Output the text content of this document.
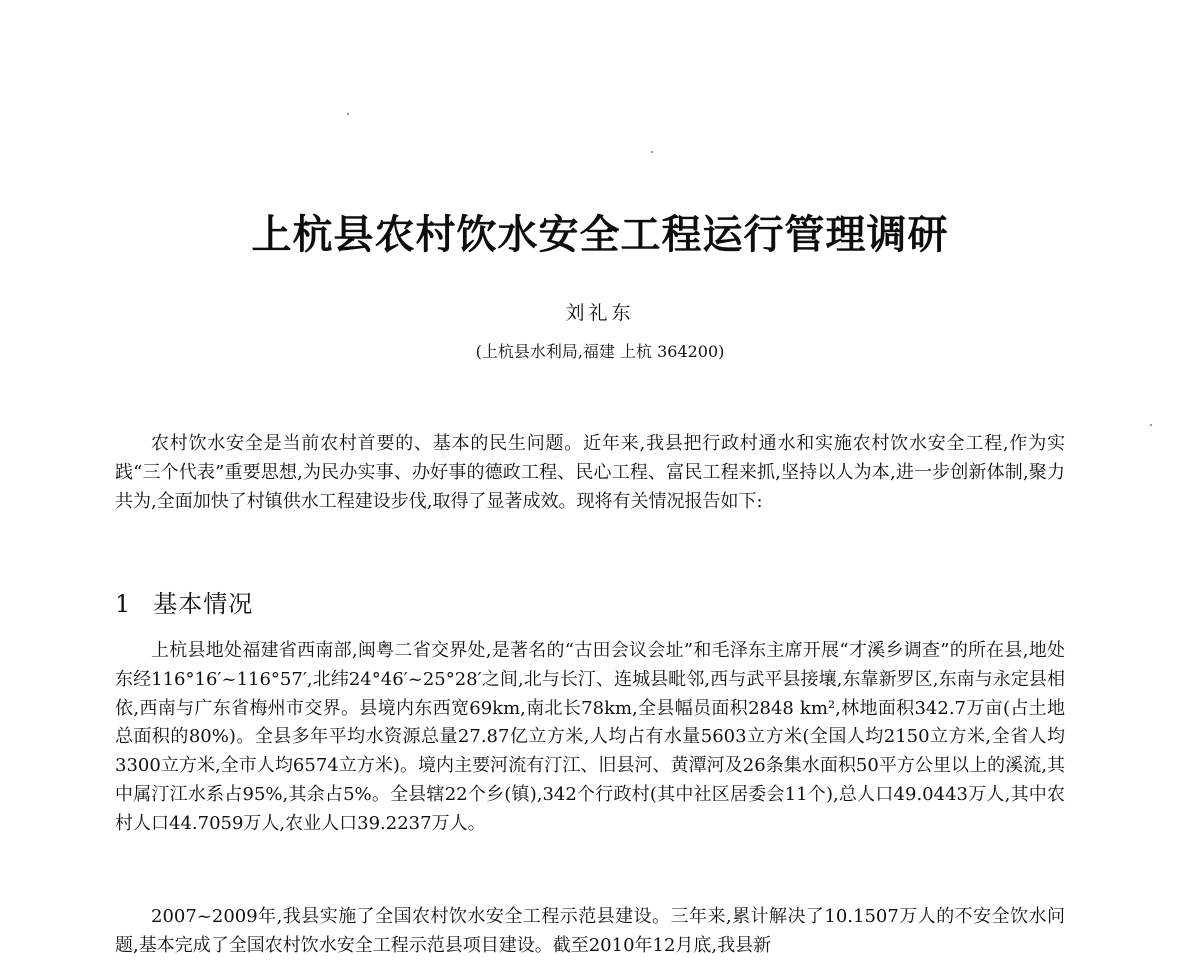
上杭县农村饮水安全工程运行管理调研
刘礼东
(上杭县水利局,福建 上杭 364200)

农村饮水安全是当前农村首要的、基本的民生问题。近年来,我县把行政村通水和实施农村饮水安全工程,作为实践“三个代表”重要思想,为民办实事、办好事的德政工程、民心工程、富民工程来抓,坚持以人为本,进一步创新体制,聚力共为,全面加快了村镇供水工程建设步伐,取得了显著成效。现将有关情况报告如下:

1 基本情况

上杭县地处福建省西南部,闽粤二省交界处,是著名的“古田会议会址”和毛泽东主席开展“才溪乡调查”的所在县,地处东经116°16′~116°57′,北纬24°46′~25°28′之间,北与长汀、连城县毗邻,西与武平县接壤,东靠新罗区,东南与永定县相依,西南与广东省梅州市交界。县境内东西宽69km,南北长78km,全县幅员面积2848 km²,林地面积342.7万亩(占土地总面积的80%)。全县多年平均水资源总量27.87亿立方米,人均占有水量5603立方米(全国人均2150立方米,全省人均3300立方米,全市人均6574立方米)。境内主要河流有汀江、旧县河、黄潭河及26条集水面积50平方公里以上的溪流,其中属汀江水系占95%,其余占5%。全县辖22个乡(镇),342个行政村(其中社区居委会11个),总人口49.0443万人,其中农村人口44.7059万人,农业人口39.2237万人。

2007~2009年,我县实施了全国农村饮水安全工程示范县建设。三年来,累计解决了10.1507万人的不安全饮水问题,基本完成了全国农村饮水安全工程示范县项目建设。截至2010年12月底,我县新
